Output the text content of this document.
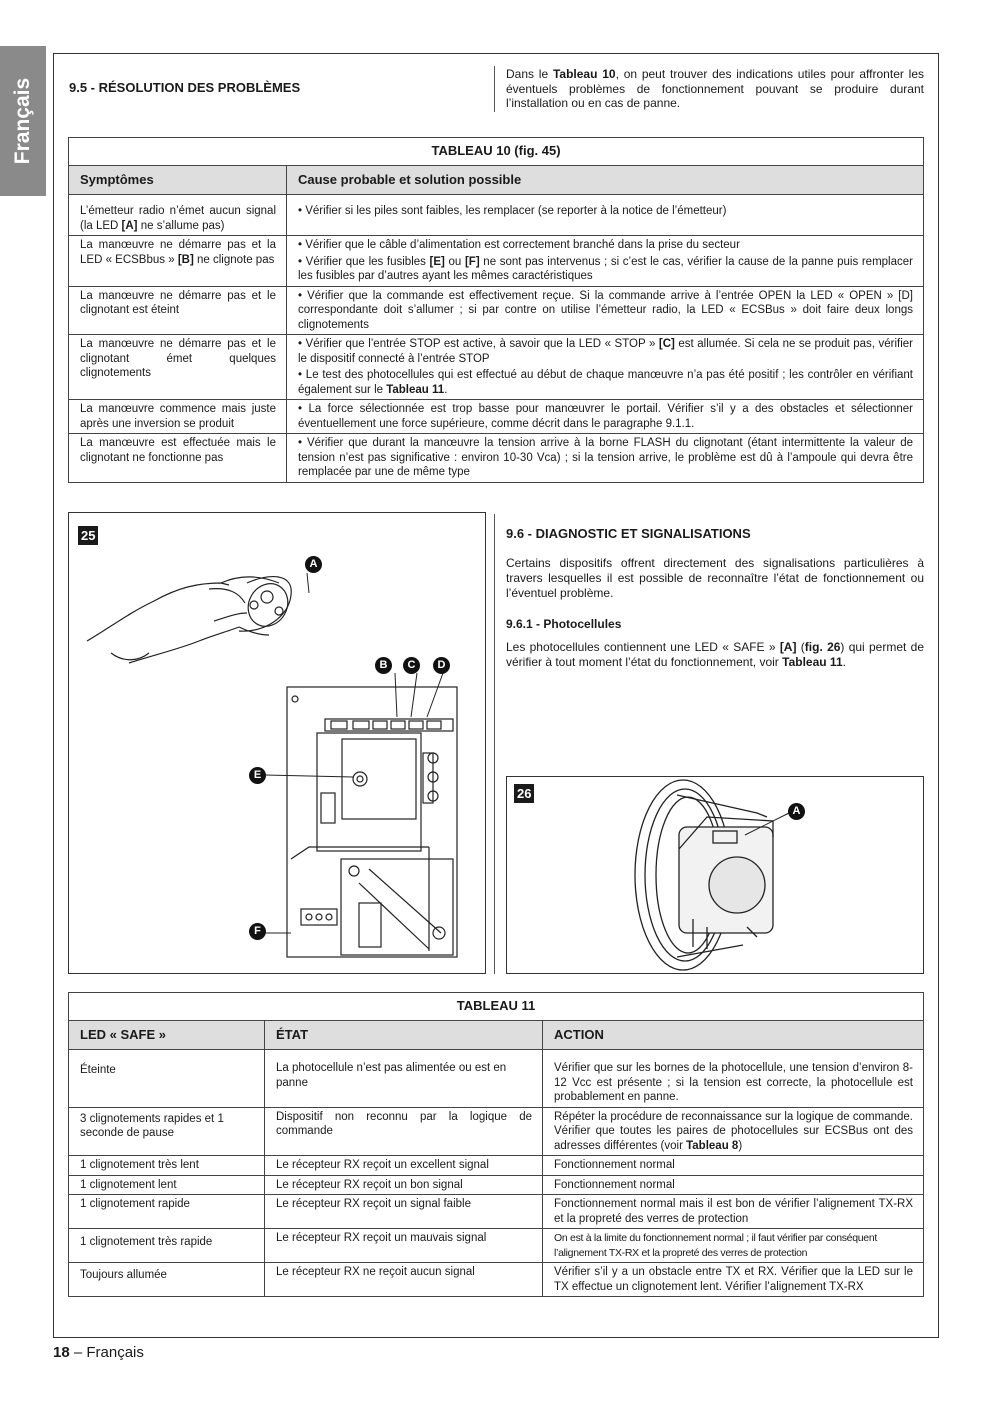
Français	9.5 - RÉSOLUTION DES PROBLÈMES
Dans le Tableau 10, on peut trouver des indications utiles pour affronter les éventuels problèmes de fonctionnement pouvant se produire durant l’installation ou en cas de panne.
TABLEAU 10 (fig. 45)	
Symptômes	Cause probable et solution possible
L’émetteur radio n’émet aucun signal (la LED [A] ne s’allume pas)	• Vérifier si les piles sont faibles, les remplacer (se reporter à la notice de l’émetteur)
La manœuvre ne démarre pas et la LED « ECSBbus » [B] ne clignote pas	• Vérifier que le câble d’alimentation est correctement branché dans la prise du secteur
• Vérifier que les fusibles [E] ou [F] ne sont pas intervenus ; si c’est le cas, vérifier la cause de la panne puis remplacer les fusibles par d’autres ayant les mêmes caractéristiques

La manœuvre ne démarre pas et le clignotant est éteint	• Vérifier que la commande est effectivement reçue. Si la commande arrive à l’entrée OPEN la LED « OPEN » [D] correspondante doit s’allumer ; si par contre on utilise l’émetteur radio, la LED « ECSBus » doit faire deux longs clignotements
La manœuvre ne démarre pas et le clignotant émet quelques clignotements	• Vérifier que l’entrée STOP est active, à savoir que la LED « STOP » [C] est allumée. Si cela ne se produit pas, vérifier le dispositif connecté à l’entrée STOP
• Le test des photocellules qui est effectué au début de chaque manœuvre n’a pas été positif ; les contrôler en vérifiant également sur le Tableau 11.

La manœuvre commence mais juste après une inversion se produit	• La force sélectionnée est trop basse pour manœuvrer le portail. Vérifier s’il y a des obstacles et sélectionner éventuellement une force supérieure, comme décrit dans le paragraphe 9.1.1.
La manœuvre est effectuée mais le clignotant ne fonctionne pas	• Vérifier que durant la manœuvre la tension arrive à la borne FLASH du clignotant (étant intermittente la valeur de tension n’est pas significative : environ 10-30 Vca) ; si la tension arrive, le problème est dû à l’ampoule qui devra être remplacée par une de même type
25
A
B	C	D
E
F
9.6 - DIAGNOSTIC ET SIGNALISATIONS
Certains dispositifs offrent directement des signalisations particulières à travers lesquelles il est possible de reconnaître l’état de fonctionnement ou l’éventuel problème.
9.6.1 - Photocellules
Les photocellules contiennent une LED « SAFE » [A] (fig. 26) qui permet de vérifier à tout moment l’état du fonctionnement, voir Tableau 11.
26
A
TABLEAU 11		
LED « SAFE »	ÉTAT	ACTION
Éteinte	La photocellule n’est pas alimentée ou est en panne	Vérifier que sur les bornes de la photocellule, une tension d’environ 8-12 Vcc est présente ; si la tension est correcte, la photocellule est probablement en panne.
3 clignotements rapides et 1 seconde de pause	Dispositif non reconnu par la logique de commande	Répéter la procédure de reconnaissance sur la logique de commande. Vérifier que toutes les paires de photocellules sur ECSBus ont des adresses différentes (voir Tableau 8)
1 clignotement très lent	Le récepteur RX reçoit un excellent signal	Fonctionnement normal
1 clignotement lent	Le récepteur RX reçoit un bon signal	Fonctionnement normal
1 clignotement rapide	Le récepteur RX reçoit un signal faible	Fonctionnement normal mais il est bon de vérifier l’alignement TX-RX et la propreté des verres de protection
1 clignotement très rapide	Le récepteur RX reçoit un mauvais signal	On est à la limite du fonctionnement normal ; il faut vérifier par conséquent l’alignement TX-RX et la propreté des verres de protection
Toujours allumée	Le récepteur RX ne reçoit aucun signal	Vérifier s’il y a un obstacle entre TX et RX. Vérifier que la LED sur le TX effectue un clignotement lent. Vérifier l’alignement TX-RX
18 – Français
